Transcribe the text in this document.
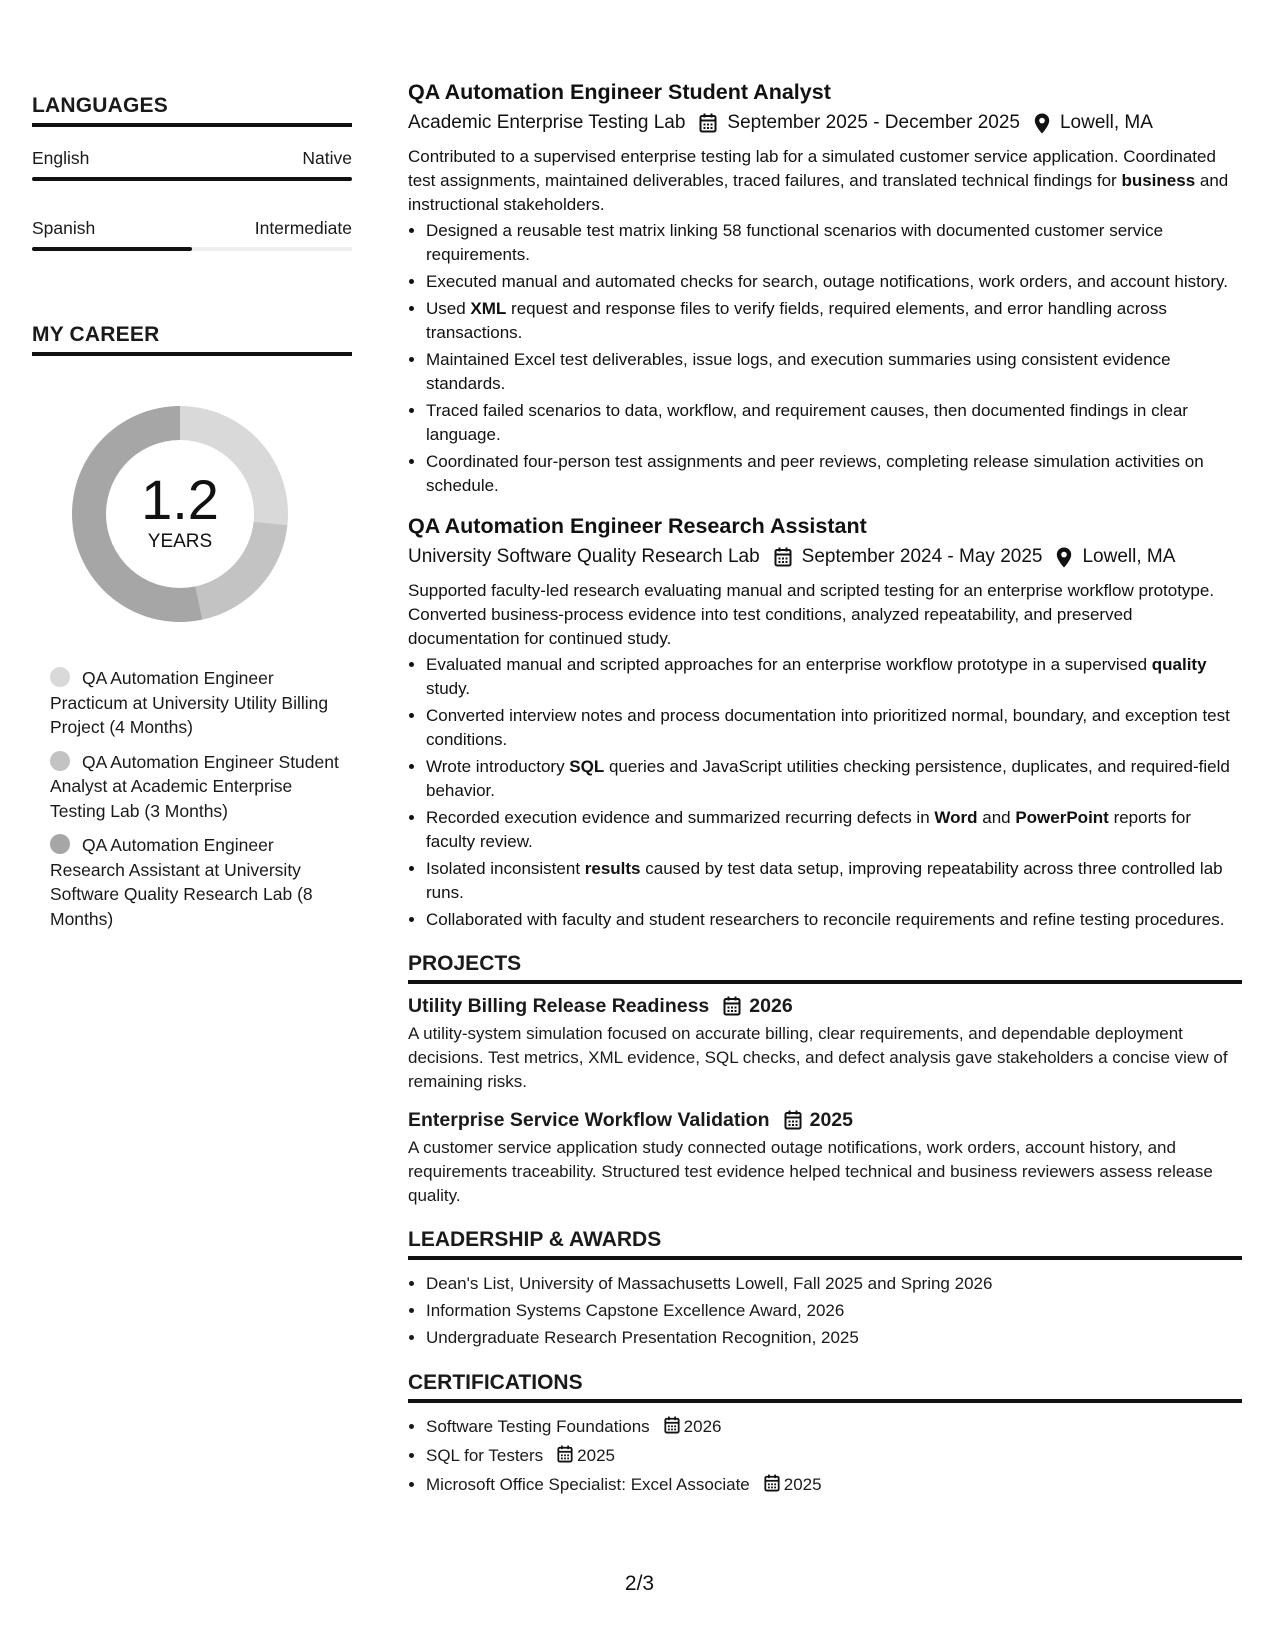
LANGUAGES
English	Native
Spanish	Intermediate
MY CAREER
1.2
YEARS
QA Automation Engineer Practicum at University Utility Billing Project (4 Months)
QA Automation Engineer Student Analyst at Academic Enterprise Testing Lab (3 Months)
QA Automation Engineer Research Assistant at University Software Quality Research Lab (8 Months)
QA Automation Engineer Student Analyst
Academic Enterprise Testing Lab September 2025 - December 2025 Lowell, MA
Contributed to a supervised enterprise testing lab for a simulated customer service application. Coordinated test assignments, maintained deliverables, traced failures, and translated technical findings for business and instructional stakeholders.
• Designed a reusable test matrix linking 58 functional scenarios with documented customer service requirements.
• Executed manual and automated checks for search, outage notifications, work orders, and account history.
• Used XML request and response files to verify fields, required elements, and error handling across transactions.
• Maintained Excel test deliverables, issue logs, and execution summaries using consistent evidence standards.
• Traced failed scenarios to data, workflow, and requirement causes, then documented findings in clear language.
• Coordinated four-person test assignments and peer reviews, completing release simulation activities on schedule.
QA Automation Engineer Research Assistant
University Software Quality Research Lab September 2024 - May 2025 Lowell, MA
Supported faculty-led research evaluating manual and scripted testing for an enterprise workflow prototype. Converted business-process evidence into test conditions, analyzed repeatability, and preserved documentation for continued study.
• Evaluated manual and scripted approaches for an enterprise workflow prototype in a supervised quality study.
• Converted interview notes and process documentation into prioritized normal, boundary, and exception test conditions.
• Wrote introductory SQL queries and JavaScript utilities checking persistence, duplicates, and required-field behavior.
• Recorded execution evidence and summarized recurring defects in Word and PowerPoint reports for faculty review.
• Isolated inconsistent results caused by test data setup, improving repeatability across three controlled lab runs.
• Collaborated with faculty and student researchers to reconcile requirements and refine testing procedures.
PROJECTS
Utility Billing Release Readiness 2026
A utility-system simulation focused on accurate billing, clear requirements, and dependable deployment decisions. Test metrics, XML evidence, SQL checks, and defect analysis gave stakeholders a concise view of remaining risks.
Enterprise Service Workflow Validation 2025
A customer service application study connected outage notifications, work orders, account history, and requirements traceability. Structured test evidence helped technical and business reviewers assess release quality.
LEADERSHIP & AWARDS
• Dean's List, University of Massachusetts Lowell, Fall 2025 and Spring 2026
• Information Systems Capstone Excellence Award, 2026
• Undergraduate Research Presentation Recognition, 2025
CERTIFICATIONS
• Software Testing Foundations 2026
• SQL for Testers 2025
• Microsoft Office Specialist: Excel Associate 2025
2/3
